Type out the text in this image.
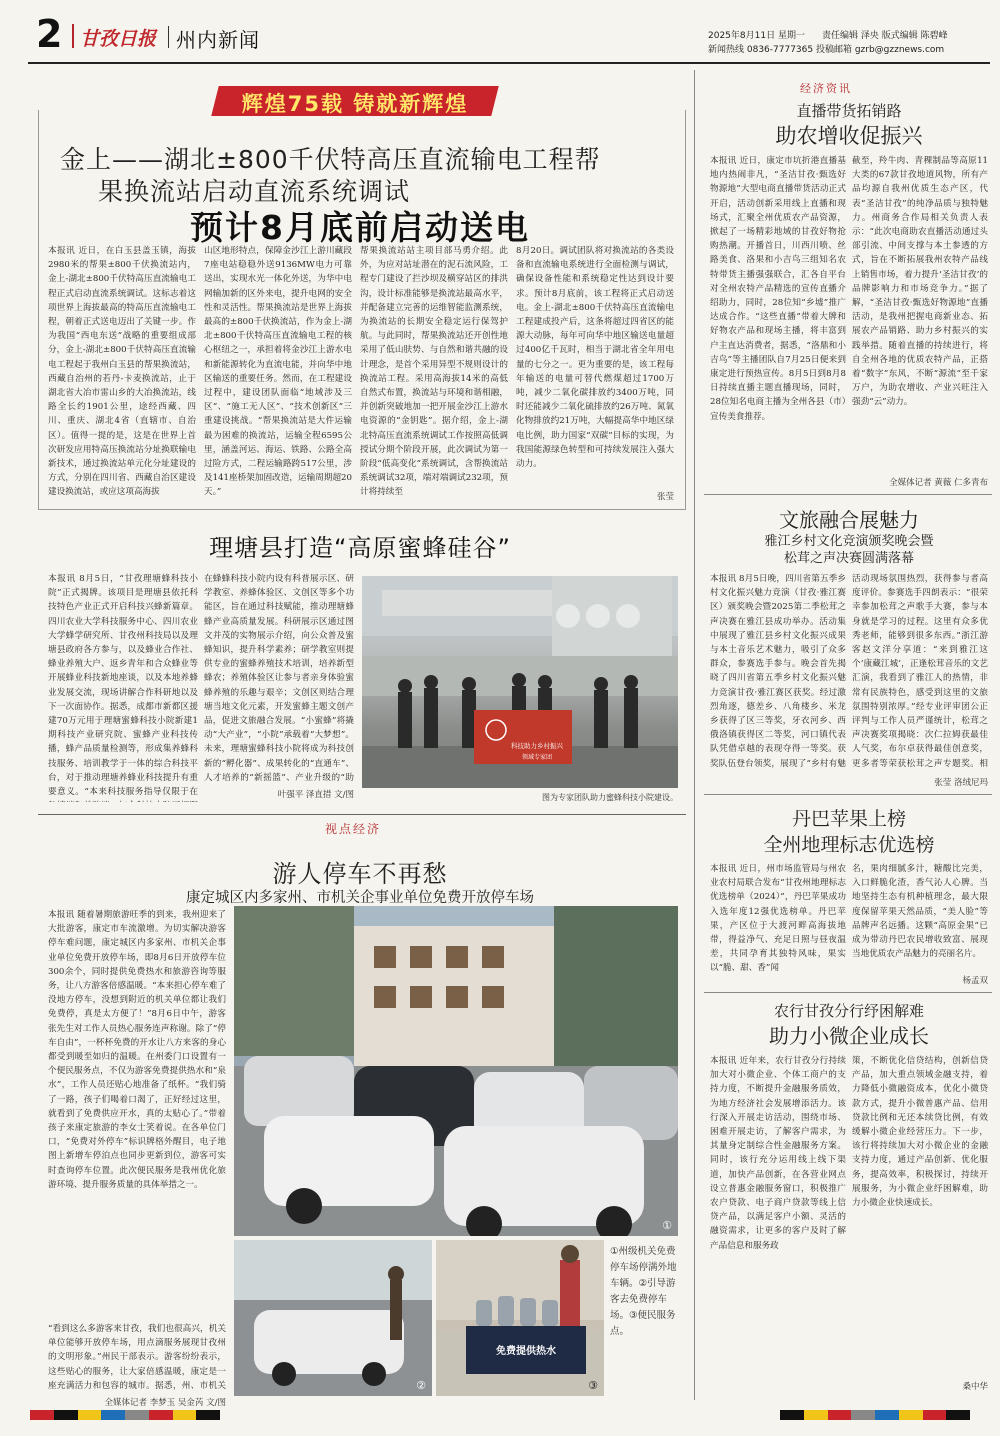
2 甘孜日报 州内新闻	2025年8月11日 星期一 责任编辑 泽央 版式编辑 陈碧峰
新闻热线 0836-7777365 投稿邮箱 gzrb@gzznews.com
辉煌75载 铸就新辉煌
金上——湖北±800千伏特高压直流输电工程帮
果换流站启动直流系统调试
预计8月底前启动送电
本报讯 近日，在白玉县盖玉镇，海拔2980米的帮果±800千伏换流站内，金上-湖北±800千伏特高压直流输电工程正式启动直流系统调试。这标志着这项世界上海拔最高的特高压直流输电工程，朝着正式送电迈出了关键一步。作为我国“西电东送”战略的重要组成部分，金上-湖北±800千伏特高压直流输电工程起于我州白玉县的帮果换流站，西藏自治州的若丹-卡麦换流站，止于湖北省大冶市雷山乡的大冶换流站，线路全长约1901公里，途经西藏、四川、重庆、湖北4省（直辖市、自治区）。值得一提的是，这是在世界上首次研发应用特高压换流站分址换联输电新技术，通过换流站单元化分址建设的方式，分别在四川省、西藏自治区建设建设换流站，或应这项高海拔
山区地形特点，保障金沙江上游川藏段7座电站稳稳外送9136MW电力可靠送出，实现水光一体化外送，为华中电网输加新的区外来电，提升电网的安全性和灵活性。帮果换流站是世界上海拔最高的±800千伏换流站，作为金上-湖北±800千伏特高压直流输电工程的核心枢纽之一，承担着将金沙江上游水电和新能源转化为直流电能，并向华中地区输送的重要任务。然而，在工程建设过程中，建设团队面临“地域涉及三区”、“施工无人区”、“技术创新区”三重建设挑战。“帮果换流站是大件运输最为困难的换流站，运输全程6595公里，涵盖河运、海运、铁路、公路全高过险方式，二程运输路跨517公里，涉及141座桥架加固改造，运输周期超20天。”
帮果换流站站主项目部马勇介绍。此外，为应对站址潜在的泥石流风险，工程专门建设了拦沙坝及横穿站区的排洪沟，设计标准能够是换流站最高水平，并配备建立完善的运维智能监测系统，为换流站的长期安全稳定运行保驾护航。与此同时，帮果换流站还开创性地采用了低山肤势、与自然和谐共融的设计理念，是首个采用异型不规则设计的换流站工程。采用高海拔14米的高低自然式布置，换流站与环境和谐相融，并创新突破地加一把开展金沙江上游水电资源的“金钥匙”。据介绍，金上-湖北特高压直流系统调试工作按照高低调授试分期个阶段开展，此次调试为第一阶段“低高变化”系统调试，含帮换流站系统调试32项，端对端调试232项，预计将持续至
8月20日。调试团队将对换流站的各类设备和直流输电系统进行全面检测与调试，确保设备性能和系统稳定性达到设计要求。预计8月底前，该工程将正式启动送电。金上-湖北±800千伏特高压直流输电工程建成投产后，这条将超过四省区的能源大动脉，每年可向华中地区输送电量超过400亿千瓦时，相当于湖北省全年用电量的七分之一。更为重要的是，该工程每年输送的电量可替代燃煤超过1700万吨，减少二氧化碳排放约3400万吨，同时还能减少二氧化硫排放约26万吨、氮氧化物排放约21万吨，大幅提高华中地区绿电比例，助力国家“双碳”目标的实现，为我国能源绿色转型和可持续发展注入强大动力。
张莹
理塘县打造“高原蜜蜂硅谷”
本报讯 8月5日，“甘孜理塘蜂科技小院”正式揭牌。该项目是理塘县依托科技特色产业正式开启科技兴蜂新篇章。四川农业大学科技服务中心、四川农业大学蜂学研究所、甘孜州科技局以及理塘县政府各方参与，以及蜂业合作社、蜂业养殖大户、返乡青年和合众蜂业等开展蜂业科技新地座谈，以及本地养蜂业发展交流，现场讲解合作科研地以及下一次面协作。据悉，成都市新都区援建70万元用于理塘蜜蜂科技小院新建1期科技产业研究院、蜜蜂产业科技传播，蜂产品质量检测等，形成集养蜂科技服务、培训教学于一体的综合科技平台，对于推动理塘养蜂业科技提升有重要意义。“本来科技服务指导仅限于在
在蜂蜂科技小院内设有科普展示区、研学教室、养蜂体验区、文创区等多个功能区，旨在通过科技赋能，推动理塘蜂蜂产业高质量发展。科研展示区通过图文并茂的实物展示介绍，向公众普及蜜蜂知识，提升科学素养；研学教室则提供专业的蜜蜂养殖技术培训，培养新型蜂农；养殖体验区让参与者亲身体验蜜蜂养殖的乐趣与艰辛；文创区则结合理塘当地文化元素，开发蜜蜂主题文创产品，促进文旅融合发展。“小蜜蜂”将撬动“大产业”，“小院”承载着“大梦想”。未来，理塘蜜蜂科技小院将成为科技创新的“孵化器”、成果转化的“直通车”、人才培养的“新摇篮”、产业升级的“助
叶强平 泽直措 文/图
科技助力乡村振兴
领域专家团
图为专家团队助力蜜蜂科技小院建设。
视点经济
游人停车不再愁
康定城区内多家州、市机关企事业单位免费开放停车场
本报讯 随着暑期旅游旺季的到来，我州迎来了大批游客，康定市车流激增。为切实解决游客停车难问题，康定城区内多家州、市机关企事业单位免费开放停车场，即8月6日开放停车位300余个，同时提供免费热水和旅游咨询等服务，让八方游客倍感温暖。“本来担心停车难了没地方停车，没想到附近的机关单位都让我们免费停，真是太方便了！”8月6日中午，游客张先生对工作人员热心服务连声称谢。除了“停车自由”，一杯杯免费的开水让八方来客的身心都受到暖至如归的温暖。在州委门口设置有一个便民服务点，不仅为游客免费提供热水和“泉水”，工作人员还贴心地准备了纸杯。“我们骑了一路，孩子们喝着口渴了，正好经过这里，就看到了免费供应开水，真的太贴心了。”带着孩子来康定旅游的李女士笑着说。在各单位门口，“免费对外停车”标识牌格外醒目，电子地图上新增车停泊点也同步更新到位，游客可实时查询停车位置。此次便民服务是我州优化旅游环境、提升服务质量的具体举措之一。
“看到这么多游客来甘孜，我们也很高兴，机关单位能够开放停车场，用点滴服务展现甘孜州的文明形象。”州民干部表示。游客纷纷表示，这些贴心的服务，让大家倍感温暖，康定是一座充满活力和包容的城市。据悉，州、市机关
全媒体记者 李梦玉 吴金芮 文/图
①
②
免费提供热水
③
①州级机关免费停车场停满外地车辆。②引导游客去免费停车场。③便民服务点。
经济资讯
直播带货拓销路
助农增收促振兴
本报讯 近日，康定市坑折港直播基地内热闹非凡，“圣洁甘孜·甄选好物源地”大型电商直播带货活动正式开启，活动创新采用线上直播和现场式，汇聚全州优质农产品资源，掀起了一场精彩地域的甘孜好物抢购热潮。开播首日，川西川喷、丝路美食、洛果和小吉鸟三组知名农特带货主播强强联合，汇各自平台对全州农特产品精选的宣传直播介绍助力，同时，28位知“乡墟”推广达成合作。“这些直播”带着大牌和好物农产品和现场主播，将丰富到户主直达消费者，据悉，“洛鼎和小吉鸟”等主播团队自7月25日便来到康定进行预热宣传。8月5日到8月8日持续直播主题直播现场，同时，28位知名电商主播为全州各县（市）宣传美食推荐。
截至，羚牛肉、青稞制品等高原11大类的67款甘孜地道风物，所有产品均源自我州优质生态产区，代表“圣洁甘孜”的纯净品质与独特魅力。州商务合作局相关负责人表示：“此次电商助农直播活动通过头部引流、中间支撑与本土参透的方式，旨在不断拓展我州农特产品线上销售市场，着力提升‘圣洁甘孜’的品牌影响力和市场竞争力。”据了解，“圣洁甘孜·甄选好物源地”直播活动，是我州把握电商新业态、拓展农产品销路、助力乡村振兴的实践举措。随着直播的持续进行，将自全州各地的优质农特产品，正搭着“数字”东风，不断“源流”至千家万户，为助农增收、产业兴旺注入强劲“云”动力。
全媒体记者 黄薇 仁多青布
文旅融合展魅力
雅江乡村文化竞演颁奖晚会暨
松茸之声决赛圆满落幕
本报讯 8月5日晚，四川省第五季乡村文化振兴魅力竞演（甘孜·雅江赛区）颁奖晚会暨2025第二季松茸之声决赛在雅江县成功举办。活动集中展现了雅江县乡村文化振兴成果与本土音乐艺术魅力，吸引了众多群众，参赛选手参与。晚会首先揭晓了四川省第五季乡村文化振兴魅力竞演甘孜·雅江赛区获奖。经过激烈角逐，德差乡、八角楼乡、米龙乡获得了区三等奖，牙衣河乡、西俄洛镇获得区二等奖，河口镇代表队凭借卓越的表现夺得一等奖。获奖队伍登台领奖，展现了“乡村有魅
活动现场氛围热烈，获得参与者高度评价。参赛选手四朗表示：“很荣幸参加松茸之声歌手大赛，参与本身就是学习的过程。这里有众多优秀老师，能够到很多东西。”浙江游客赵文洋分享道：“来到雅江这个‘康藏江城’，正逢松茸音乐的文艺汇演，我看到了雅江人的热情，非常有民族特色，感受到这里的文旅氛围特别浓厚。”经专业评审团公正评判与工作人员严谨统计，松茸之声决赛奖项揭晓：次仁拉姆获最佳人气奖，布尔卓获得最佳创意奖，更多者等荣获松茸之声专题奖。相
张莹 洛绒尼玛
丹巴苹果上榜
全州地理标志优选榜
本报讯 近日，州市场监管局与州农业农村局联合发布“甘孜州地理标志优选榜单（2024）”，丹巴苹果成功入选年度12强优选榜单。丹巴苹果，产区位于大渡河畔高海拔地带，得益净气、充足日照与昼夜温差，共同孕育其独特风味，果实以“脆、甜、香”闻
名，果肉细腻多汁，糖酸比完美，入口鲜脆化渣，香气沁人心脾。当地坚持生态有机种植理念，最大限度保留苹果天然品质，“美人脸”等品牌声名远播。这颗“高原金果”已成为带动丹巴农民增收致富、展现当地优质农产品魅力的亮丽名片。
杨孟双
农行甘孜分行纾困解难
助力小微企业成长
本报讯 近年来，农行甘孜分行持续加大对小微企业、个体工商户的支持力度，不断提升金融服务质效，为地方经济社会发展增添活力。该行深入开展走访活动，围绕市场、困难开展走访，了解客户需求，为其量身定制综合性金融服务方案。同时，该行充分运用线上线下渠道，加快产品创新，在各营业网点设立普惠金融服务窗口，积极推广农户贷款、电子商户贷款等线上信贷产品，以满足客户小额、灵活的融资需求，让更多的客户及时了解产品信息和服务政
策，不断优化信贷结构，创新信贷产品，加大重点领域金融支持，着力降低小微融资成本，优化小微贷款方式，提升小微普惠产品、信用贷款比例和无还本续贷比例，有效缓解小微企业经营压力。下一步，该行将持续加大对小微企业的金融支持力度，通过产品创新、优化服务，提高效率，积极探讨，持续开展服务，为小微企业纾困解难，助力小微企业快速成长。
桑中华
